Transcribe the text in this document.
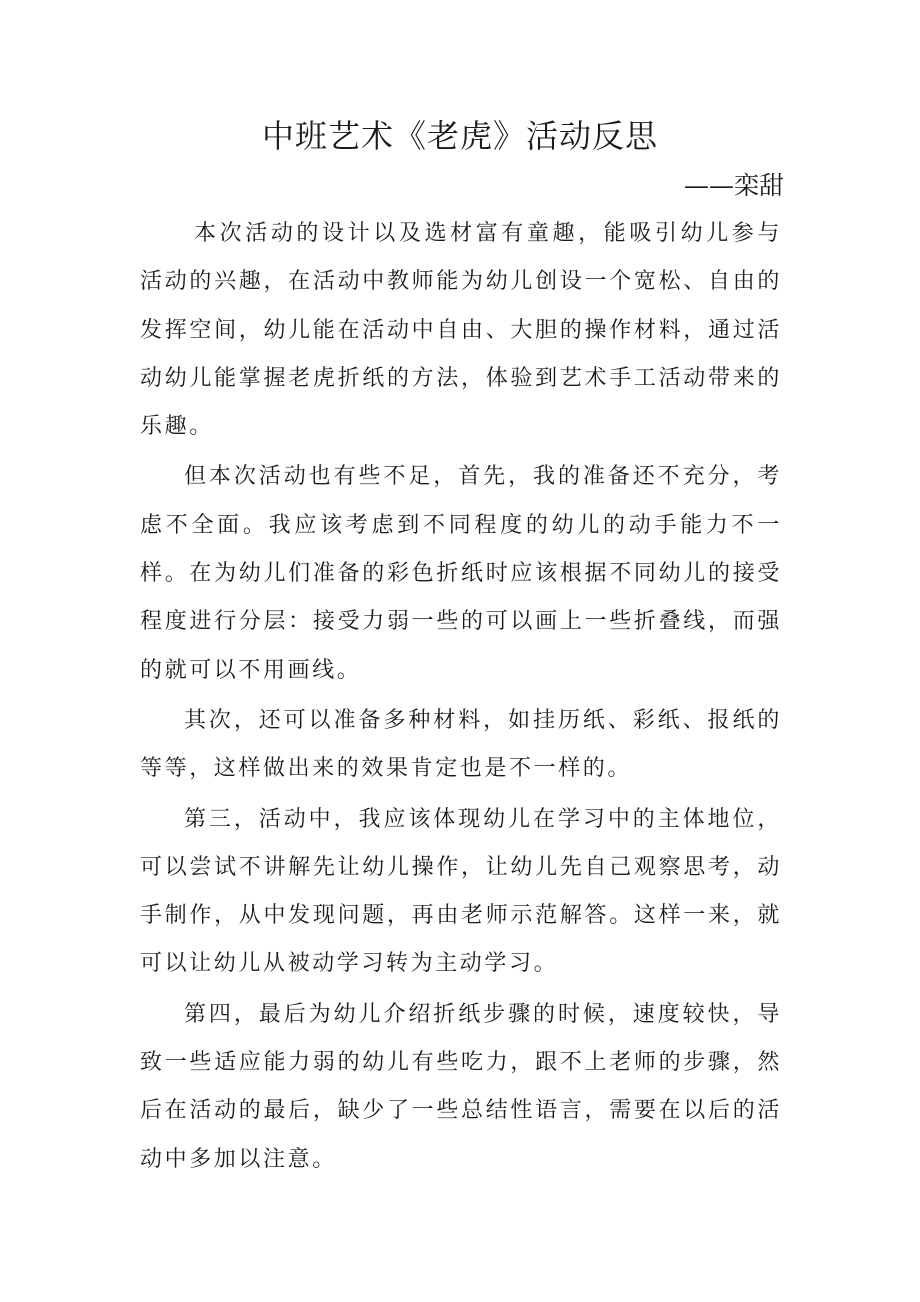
中班艺术《老虎》活动反思

——栾甜

本次活动的设计以及选材富有童趣，能吸引幼儿参与活动的兴趣，在活动中教师能为幼儿创设一个宽松、自由的发挥空间，幼儿能在活动中自由、大胆的操作材料，通过活动幼儿能掌握老虎折纸的方法，体验到艺术手工活动带来的乐趣。

但本次活动也有些不足，首先，我的准备还不充分，考虑不全面。我应该考虑到不同程度的幼儿的动手能力不一样。在为幼儿们准备的彩色折纸时应该根据不同幼儿的接受程度进行分层：接受力弱一些的可以画上一些折叠线，而强的就可以不用画线。

其次，还可以准备多种材料，如挂历纸、彩纸、报纸的等等，这样做出来的效果肯定也是不一样的。

第三，活动中，我应该体现幼儿在学习中的主体地位，可以尝试不讲解先让幼儿操作，让幼儿先自己观察思考，动手制作，从中发现问题，再由老师示范解答。这样一来，就可以让幼儿从被动学习转为主动学习。

第四，最后为幼儿介绍折纸步骤的时候，速度较快，导致一些适应能力弱的幼儿有些吃力，跟不上老师的步骤，然后在活动的最后，缺少了一些总结性语言，需要在以后的活动中多加以注意。
